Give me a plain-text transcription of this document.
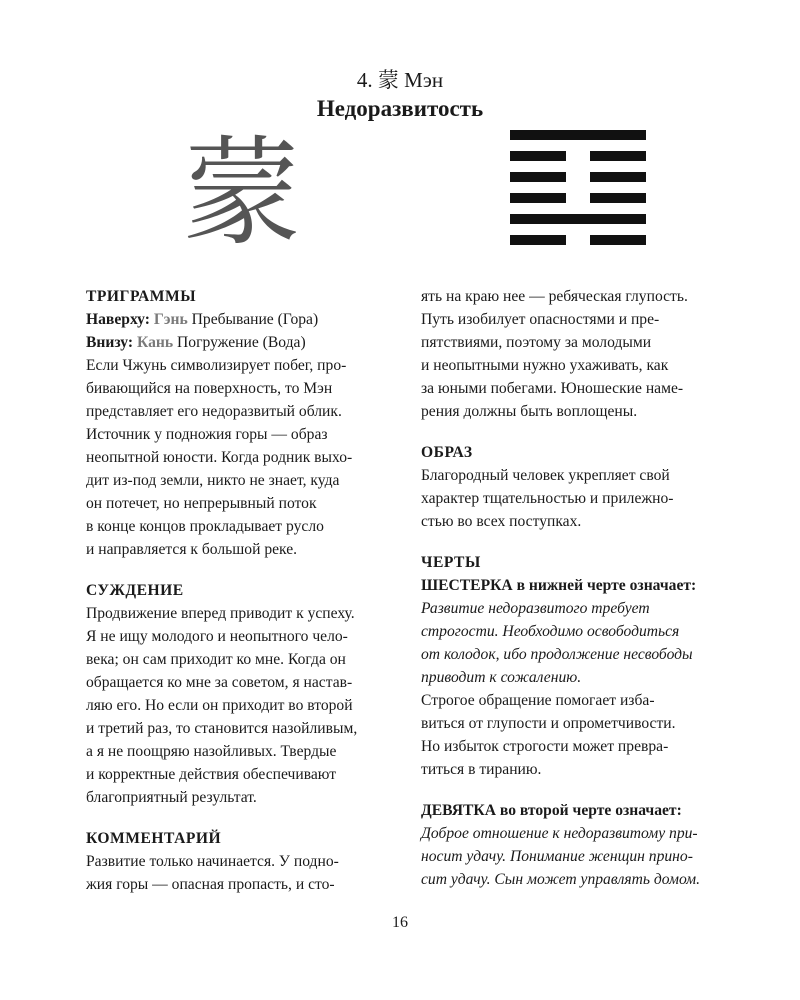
4. 蒙 Мэн
Недоразвитость
蒙
ТРИГРАММЫ
Наверху: Гэнь Пребывание (Гора)
Внизу: Кань Погружение (Вода)
Если Чжунь символизирует побег, про-
бивающийся на поверхность, то Мэн
представляет его недоразвитый облик.
Источник у подножия горы — образ
неопытной юности. Когда родник выхо-
дит из-под земли, никто не знает, куда
он потечет, но непрерывный поток
в конце концов прокладывает русло
и направляется к большой реке.
СУЖДЕНИЕ
Продвижение вперед приводит к успеху.
Я не ищу молодого и неопытного чело-
века; он сам приходит ко мне. Когда он
обращается ко мне за советом, я настав-
ляю его. Но если он приходит во второй
и третий раз, то становится назойливым,
а я не поощряю назойливых. Твердые
и корректные действия обеспечивают
благоприятный результат.
КОММЕНТАРИЙ
Развитие только начинается. У подно-
жия горы — опасная пропасть, и сто-
ять на краю нее — ребяческая глупость.
Путь изобилует опасностями и пре-
пятствиями, поэтому за молодыми
и неопытными нужно ухаживать, как
за юными побегами. Юношеские наме-
рения должны быть воплощены.
ОБРАЗ
Благородный человек укрепляет свой
характер тщательностью и прилежно-
стью во всех поступках.
ЧЕРТЫ
ШЕСТЕРКА в нижней черте означает:
Развитие недоразвитого требует
строгости. Необходимо освободиться
от колодок, ибо продолжение несвободы
приводит к сожалению.
Строгое обращение помогает изба-
виться от глупости и опрометчивости.
Но избыток строгости может превра-
титься в тиранию.
ДЕВЯТКА во второй черте означает:
Доброе отношение к недоразвитому при-
носит удачу. Понимание женщин прино-
сит удачу. Сын может управлять домом.
16
